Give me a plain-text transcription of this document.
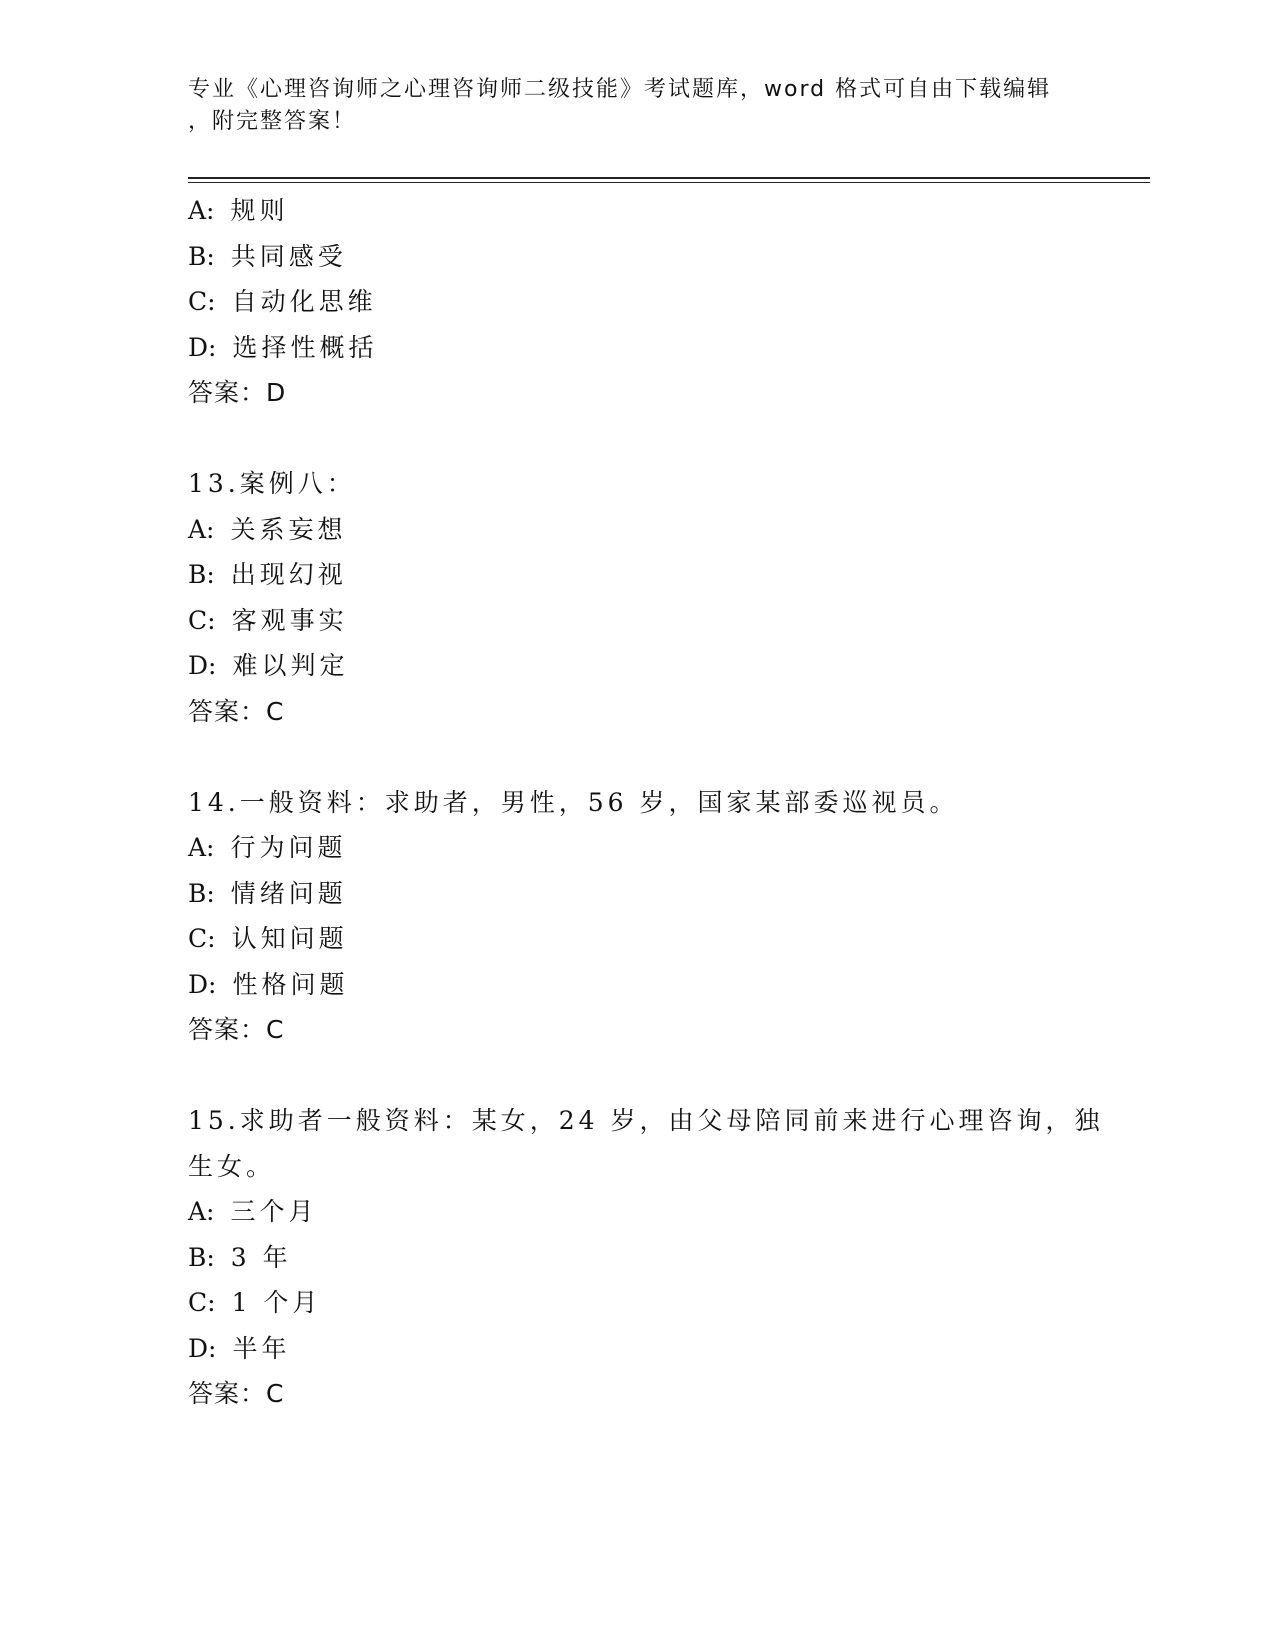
专业《心理咨询师之心理咨询师二级技能》考试题库，word 格式可自由下载编辑
，附完整答案！
A: 规则
B: 共同感受
C: 自动化思维
D: 选择性概括
答案：D
13.案例八：
A: 关系妄想
B: 出现幻视
C: 客观事实
D: 难以判定
答案：C
14.一般资料：求助者，男性，56 岁，国家某部委巡视员。
A: 行为问题
B: 情绪问题
C: 认知问题
D: 性格问题
答案：C
15.求助者一般资料：某女，24 岁，由父母陪同前来进行心理咨询，独
生女。
A: 三个月
B: 3 年
C: 1 个月
D: 半年
答案：C
